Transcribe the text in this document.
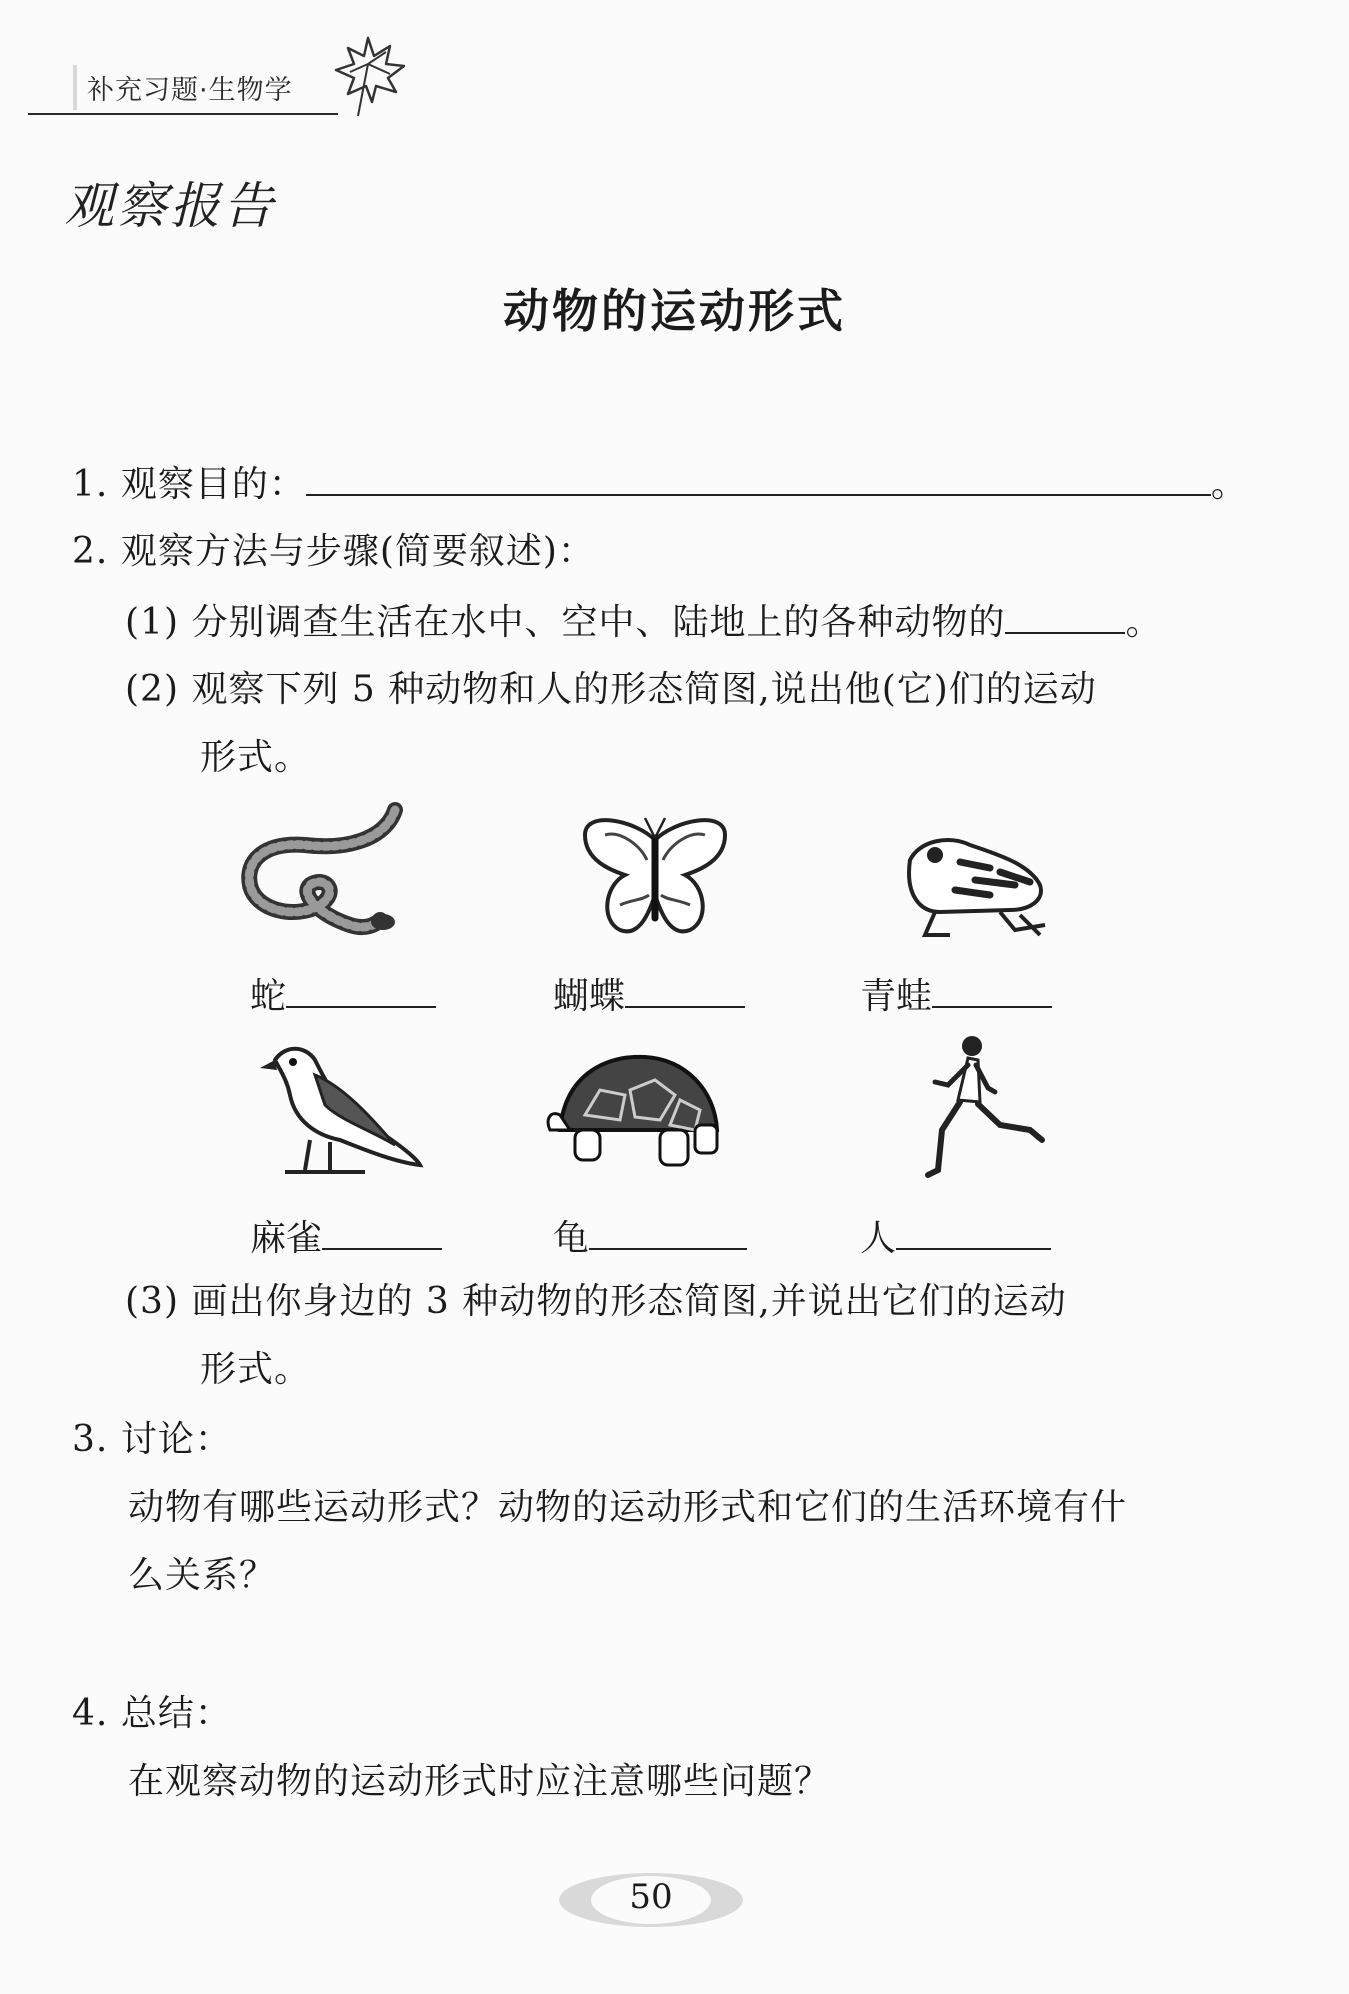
补充习题·生物学
观察报告
动物的运动形式
1. 观察目的：	。
2. 观察方法与步骤(简要叙述)：
(1) 分别调查生活在水中、空中、陆地上的各种动物的	。
(2) 观察下列 5 种动物和人的形态简图,说出他(它)们的运动
形式。
蛇	蝴蝶	青蛙
麻雀	龟	人
(3) 画出你身边的 3 种动物的形态简图,并说出它们的运动
形式。
3. 讨论：
动物有哪些运动形式？动物的运动形式和它们的生活环境有什
么关系？
4. 总结：
在观察动物的运动形式时应注意哪些问题？
50
